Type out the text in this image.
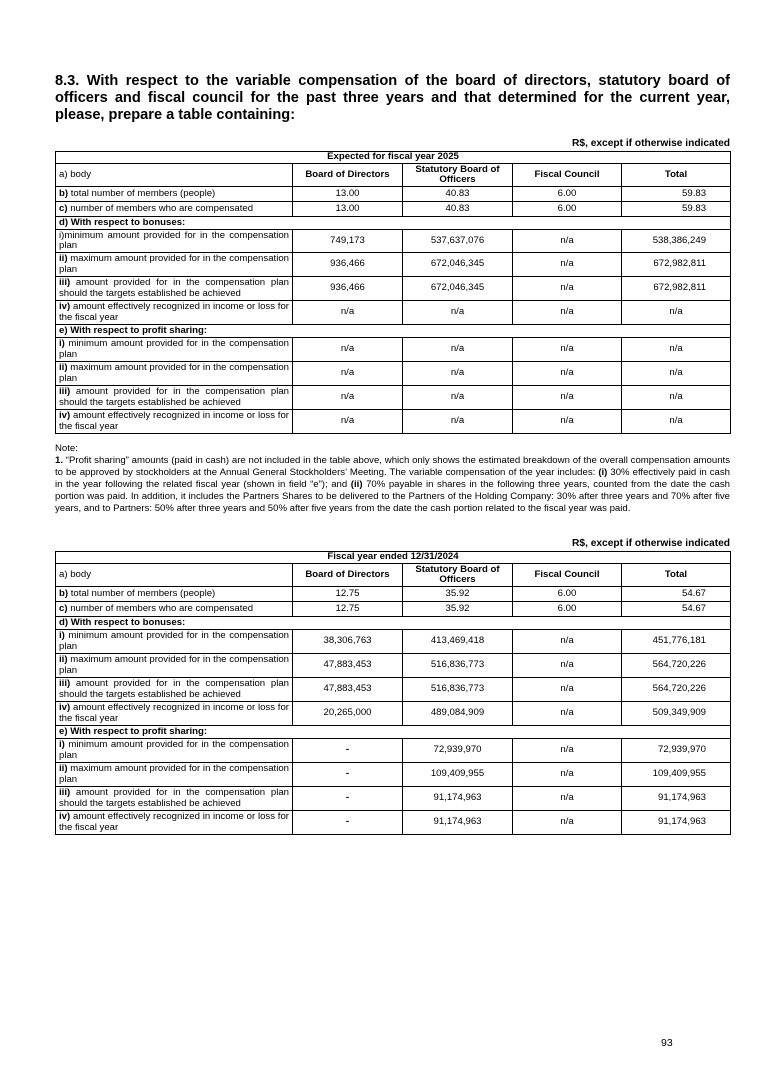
8.3. With respect to the variable compensation of the board of directors, statutory board of officers and fiscal council for the past three years and that determined for the current year, please, prepare a table containing:
R$, except if otherwise indicated
Expected for fiscal year 2025				
a) body	Board of Directors	Statutory Board of Officers	Fiscal Council	Total
b) total number of members (people)	13.00	40.83	6.00	59.83
c) number of members who are compensated	13.00	40.83	6.00	59.83
d) With respect to bonuses:				
i)minimum amount provided for in the compensation plan	749,173	537,637,076	n/a	538,386,249
ii) maximum amount provided for in the compensation plan	936,466	672,046,345	n/a	672,982,811
iii) amount provided for in the compensation plan should the targets established be achieved	936,466	672,046,345	n/a	672,982,811
iv) amount effectively recognized in income or loss for the fiscal year	n/a	n/a	n/a	n/a
e) With respect to profit sharing:				
i) minimum amount provided for in the compensation plan	n/a	n/a	n/a	n/a
ii) maximum amount provided for in the compensation plan	n/a	n/a	n/a	n/a
iii) amount provided for in the compensation plan should the targets established be achieved	n/a	n/a	n/a	n/a
iv) amount effectively recognized in income or loss for the fiscal year	n/a	n/a	n/a	n/a

Note:

1. “Profit sharing” amounts (paid in cash) are not included in the table above, which only shows the estimated breakdown of the overall compensation amounts to be approved by stockholders at the Annual General Stockholders’ Meeting. The variable compensation of the year includes: (i) 30% effectively paid in cash in the year following the related fiscal year (shown in field “e”); and (ii) 70% payable in shares in the following three years, counted from the date the cash portion was paid. In addition, it includes the Partners Shares to be delivered to the Partners of the Holding Company: 30% after three years and 70% after five years, and to Partners: 50% after three years and 50% after five years from the date the cash portion related to the fiscal year was paid.

R$, except if otherwise indicated
Fiscal year ended 12/31/2024				
a) body	Board of Directors	Statutory Board of Officers	Fiscal Council	Total
b) total number of members (people)	12.75	35.92	6.00	54.67
c) number of members who are compensated	12.75	35.92	6.00	54.67
d) With respect to bonuses:				
i) minimum amount provided for in the compensation plan	38,306,763	413,469,418	n/a	451,776,181
ii) maximum amount provided for in the compensation plan	47,883,453	516,836,773	n/a	564,720,226
iii) amount provided for in the compensation plan should the targets established be achieved	47,883,453	516,836,773	n/a	564,720,226
iv) amount effectively recognized in income or loss for the fiscal year	20,265,000	489,084,909	n/a	509,349,909
e) With respect to profit sharing:				
i) minimum amount provided for in the compensation plan	-	72,939,970	n/a	72,939,970
ii) maximum amount provided for in the compensation plan	-	109,409,955	n/a	109,409,955
iii) amount provided for in the compensation plan should the targets established be achieved	-	91,174,963	n/a	91,174,963
iv) amount effectively recognized in income or loss for the fiscal year	-	91,174,963	n/a	91,174,963
93
